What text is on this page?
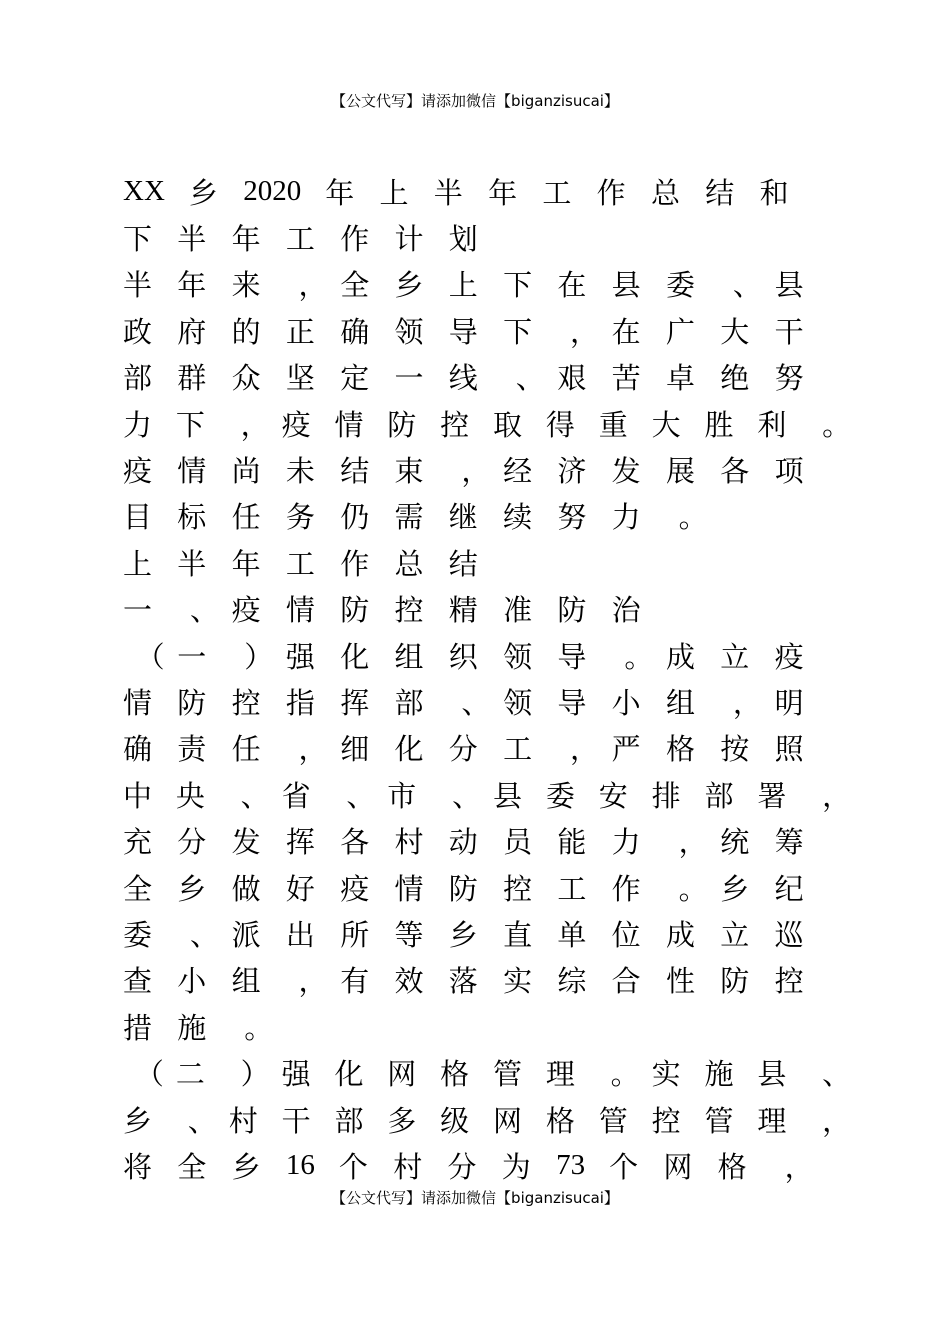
【公文代写】请添加微信【biganzisucai】
XX 乡 2020 年 上 半 年 工 作 总 结 和
下 半 年 工 作 计 划
半 年 来	， 全 乡 上 下 在 县 委	、 县
政 府 的 正 确 领 导 下	， 在 广 大 干
部 群 众 坚 定 一 线	、 艰 苦 卓 绝 努
力 下	， 疫 情 防 控 取 得 重 大 胜 利	。
疫 情 尚 未 结 束	， 经 济 发 展 各 项
目 标 任 务 仍 需 继 续 努 力	。
上 半 年 工 作 总 结
一	、 疫 情 防 控 精 准 防 治
（ 一	） 强 化 组 织 领 导	。 成 立 疫
情 防 控 指 挥 部	、 领 导 小 组	， 明
确 责 任	， 细 化 分 工	， 严 格 按 照
中 央	、 省	、 市	、 县 委 安 排 部 署	，
充 分 发 挥 各 村 动 员 能 力	， 统 筹
全 乡 做 好 疫 情 防 控 工 作	。 乡 纪
委	、 派 出 所 等 乡 直 单 位 成 立 巡
查 小 组	， 有 效 落 实 综 合 性 防 控
措 施	。
（ 二	） 强 化 网 格 管 理	。 实 施 县	、
乡	、 村 干 部 多 级 网 格 管 控 管 理	，
将 全 乡 16 个 村 分 为 73 个 网 格	，
【公文代写】请添加微信【biganzisucai】
